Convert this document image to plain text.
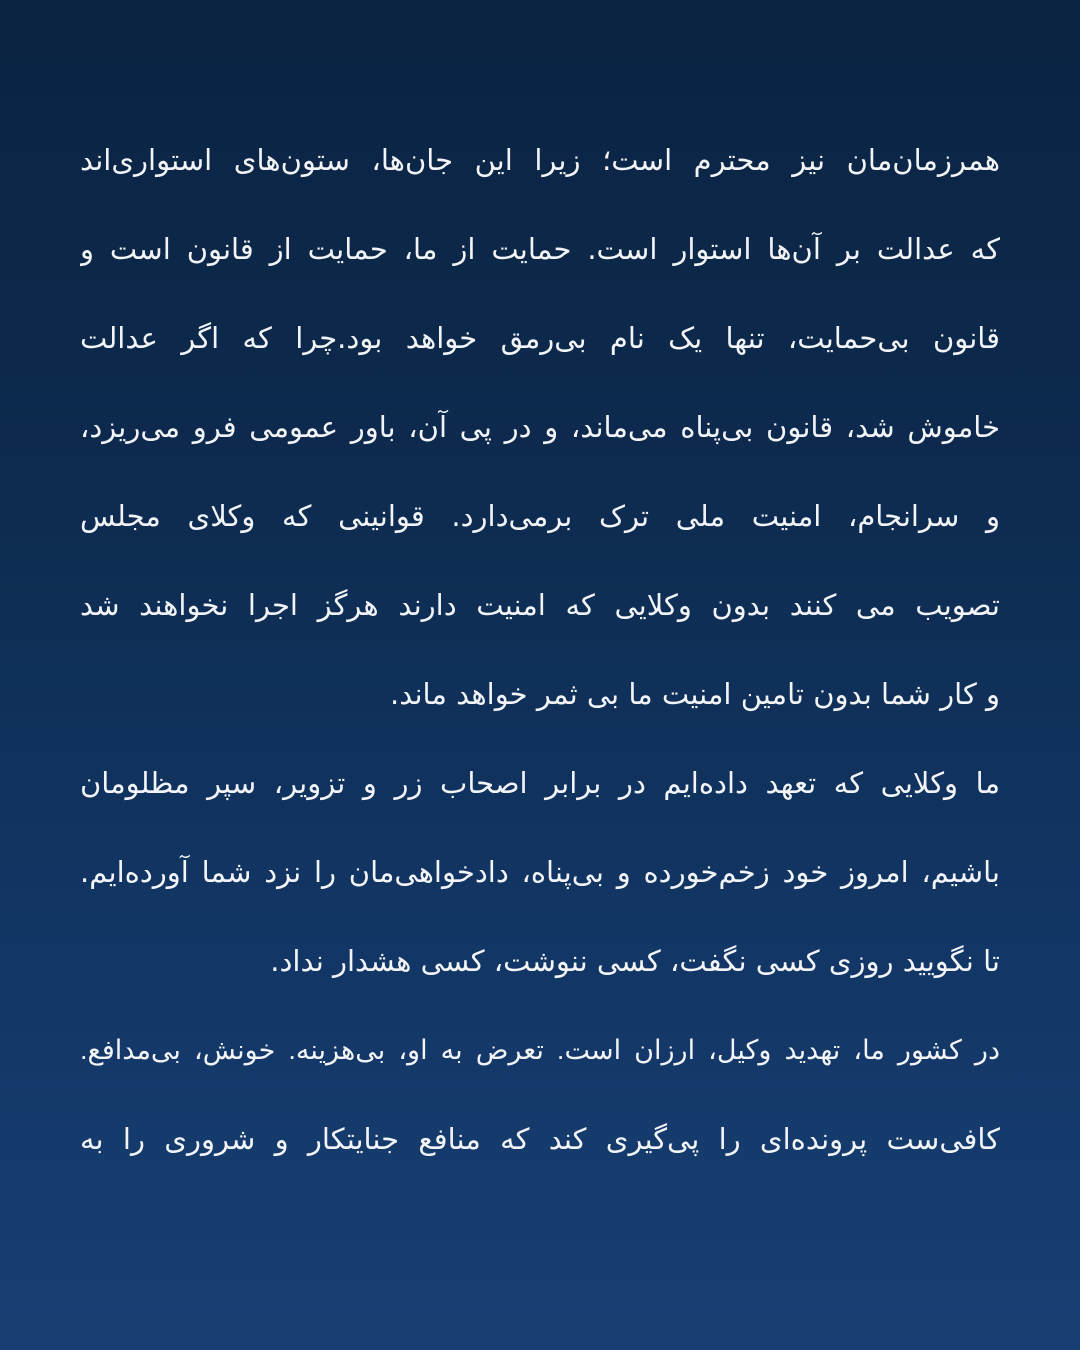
همرزمان‌مان نیز محترم است؛ زیرا این جان‌ها، ستون‌های استواری‌اند
که عدالت بر آن‌ها استوار است. حمایت از ما، حمایت از قانون است و
قانون بی‌حمایت، تنها یک نام بی‌رمق خواهد بود.چرا که اگر عدالت
خاموش شد، قانون بی‌پناه می‌ماند، و در پی آن، باور عمومی فرو می‌ریزد،
و سرانجام، امنیت ملی ترک برمی‌دارد. قوانینی که وکلای مجلس
تصویب می کنند بدون وکلایی که امنیت دارند هرگز اجرا نخواهند شد
و کار شما بدون تامین امنیت ما بی ثمر خواهد ماند.
ما وکلایی که تعهد داده‌ایم در برابر اصحاب زر و تزویر، سپر مظلومان
باشیم، امروز خود زخم‌خورده و بی‌پناه، دادخواهی‌مان را نزد شما آورده‌ایم.
تا نگویید روزی کسی نگفت، کسی ننوشت، کسی هشدار نداد.
در کشور ما، تهدید وکیل، ارزان است. تعرض به او، بی‌هزینه. خونش، بی‌مدافع.
کافی‌ست پرونده‌ای را پی‌گیری کند که منافع جنایتکار و شروری را به
